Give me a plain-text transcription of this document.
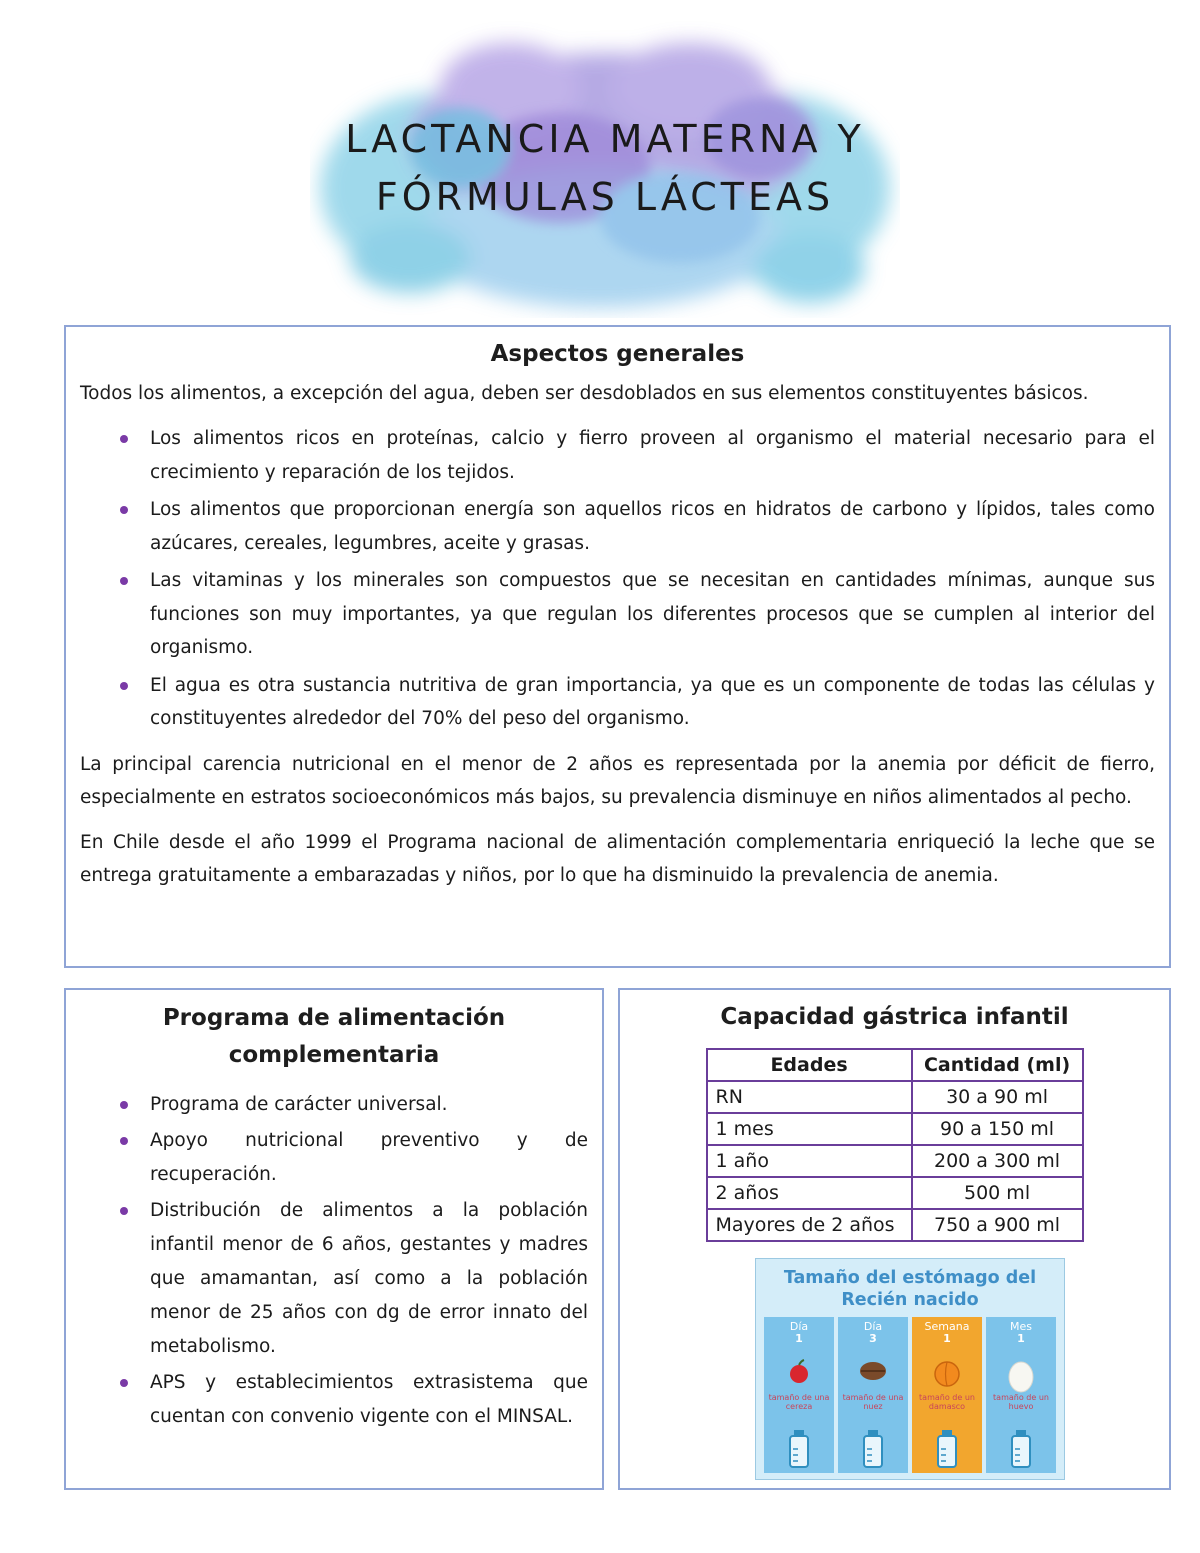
LACTANCIA MATERNA Y
FÓRMULAS LÁCTEAS
Aspectos generales

Todos los alimentos, a excepción del agua, deben ser desdoblados en sus elementos constituyentes básicos.

Los alimentos ricos en proteínas, calcio y fierro proveen al organismo el material necesario para el crecimiento y reparación de los tejidos.
Los alimentos que proporcionan energía son aquellos ricos en hidratos de carbono y lípidos, tales como azúcares, cereales, legumbres, aceite y grasas.
Las vitaminas y los minerales son compuestos que se necesitan en cantidades mínimas, aunque sus funciones son muy importantes, ya que regulan los diferentes procesos que se cumplen al interior del organismo.
El agua es otra sustancia nutritiva de gran importancia, ya que es un componente de todas las células y constituyentes alrededor del 70% del peso del organismo.

La principal carencia nutricional en el menor de 2 años es representada por la anemia por déficit de fierro, especialmente en estratos socioeconómicos más bajos, su prevalencia disminuye en niños alimentados al pecho.

En Chile desde el año 1999 el Programa nacional de alimentación complementaria enriqueció la leche que se entrega gratuitamente a embarazadas y niños, por lo que ha disminuido la prevalencia de anemia.

Programa de alimentación
complementaria
Programa de carácter universal.
Apoyo nutricional preventivo y de recuperación.
Distribución de alimentos a la población infantil menor de 6 años, gestantes y madres que amamantan, así como a la población menor de 25 años con dg de error innato del metabolismo.
APS y establecimientos extrasistema que cuentan con convenio vigente con el MINSAL.
Capacidad gástrica infantil
Edades	Cantidad (ml)
RN	30 a 90 ml
1 mes	90 a 150 ml
1 año	200 a 300 ml
2 años	500 ml
Mayores de 2 años	750 a 900 ml
Tamaño del estómago del
Recién nacido
Día
1
tamaño de una cereza
Día
3
tamaño de una nuez
Semana
1
tamaño de un damasco
Mes
1
tamaño de un huevo
